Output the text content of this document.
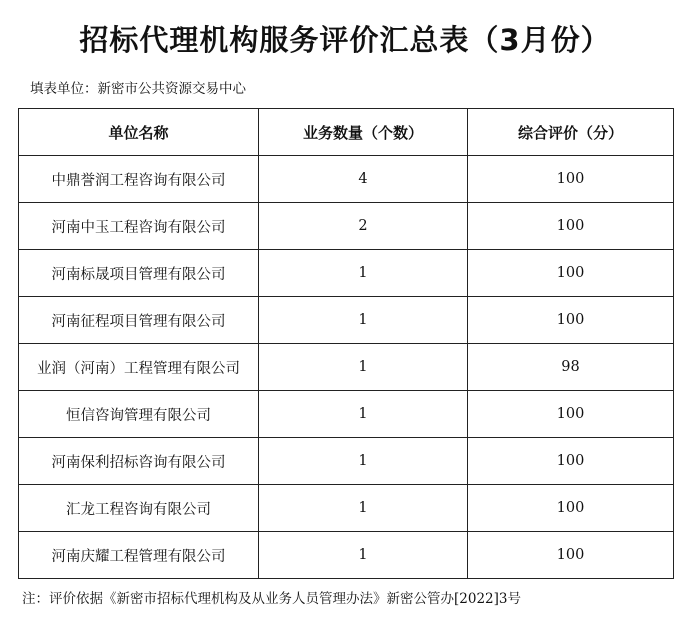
招标代理机构服务评价汇总表（3月份）
填表单位：新密市公共资源交易中心
单位名称	业务数量（个数）	综合评价（分）
中鼎誉润工程咨询有限公司	4	100
河南中玉工程咨询有限公司	2	100
河南标晟项目管理有限公司	1	100
河南征程项目管理有限公司	1	100
业润（河南）工程管理有限公司	1	98
恒信咨询管理有限公司	1	100
河南保利招标咨询有限公司	1	100
汇龙工程咨询有限公司	1	100
河南庆耀工程管理有限公司	1	100
注：评价依据《新密市招标代理机构及从业务人员管理办法》新密公管办[2022]3号
